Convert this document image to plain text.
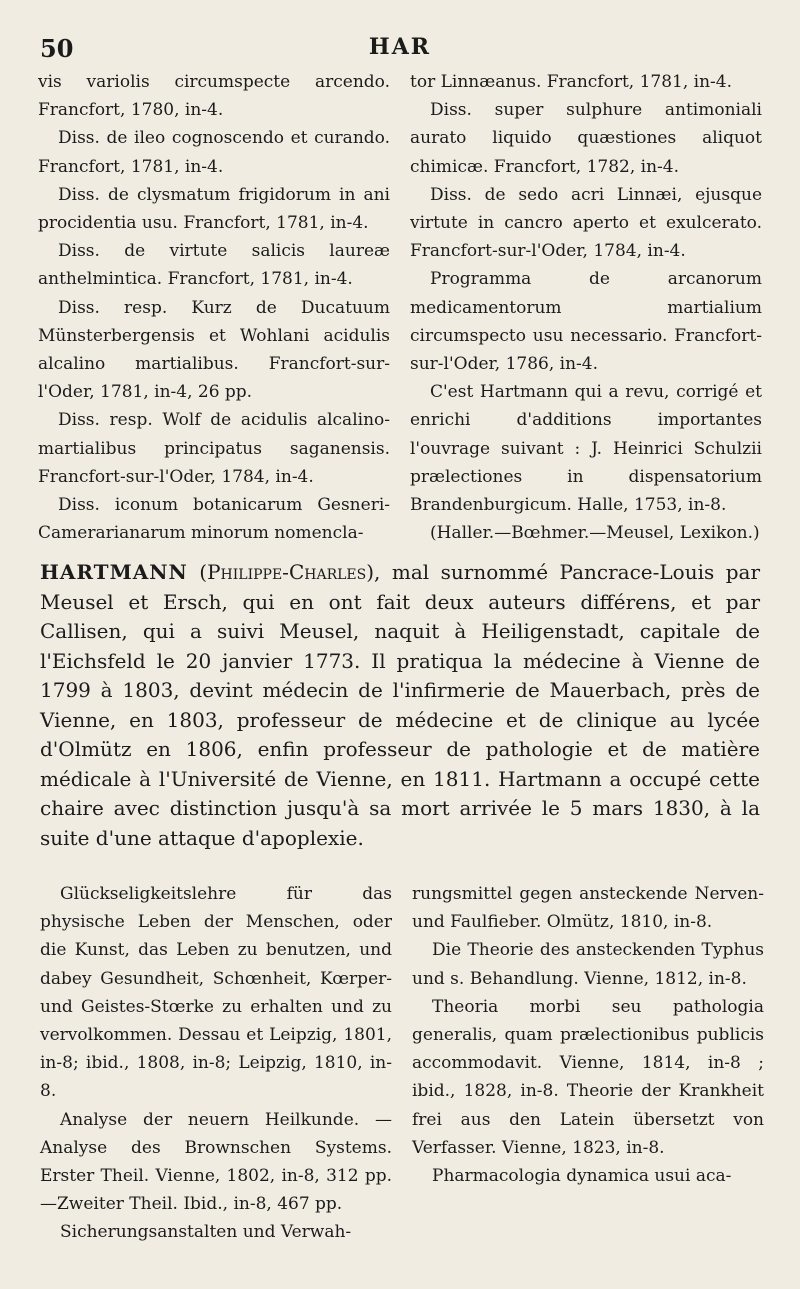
50	HAR

vis variolis circumspecte arcendo. Francfort, 1780, in-4.

Diss. de ileo cognoscendo et curando. Francfort, 1781, in-4.

Diss. de clysmatum frigidorum in ani procidentia usu. Francfort, 1781, in-4.

Diss. de virtute salicis laureæ anthelmintica. Francfort, 1781, in-4.

Diss. resp. Kurz de Ducatuum Münsterbergensis et Wohlani acidulis alcalino martialibus. Francfort-sur-l'Oder, 1781, in-4, 26 pp.

Diss. resp. Wolf de acidulis alcalino-martialibus principatus saganensis. Francfort-sur-l'Oder, 1784, in-4.

Diss. iconum botanicarum Gesneri-Camerarianarum minorum nomencla-

tor Linnæanus. Francfort, 1781, in-4.

Diss. super sulphure antimoniali aurato liquido quæstiones aliquot chimicæ. Francfort, 1782, in-4.

Diss. de sedo acri Linnæi, ejusque virtute in cancro aperto et exulcerato. Francfort-sur-l'Oder, 1784, in-4.

Programma de arcanorum medicamentorum martialium circumspecto usu necessario. Francfort-sur-l'Oder, 1786, in-4.

C'est Hartmann qui a revu, corrigé et enrichi d'additions importantes l'ouvrage suivant : J. Heinrici Schulzii prælectiones in dispensatorium Brandenburgicum. Halle, 1753, in-8.

(Haller.—Bœhmer.—Meusel, Lexikon.)

HARTMANN (Philippe-Charles), mal surnommé Pancrace-Louis par Meusel et Ersch, qui en ont fait deux auteurs différens, et par Callisen, qui a suivi Meusel, naquit à Heiligenstadt, capitale de l'Eichsfeld le 20 janvier 1773. Il pratiqua la médecine à Vienne de 1799 à 1803, devint médecin de l'infirmerie de Mauerbach, près de Vienne, en 1803, professeur de médecine et de clinique au lycée d'Olmütz en 1806, enfin professeur de pathologie et de matière médicale à l'Université de Vienne, en 1811. Hartmann a occupé cette chaire avec distinction jusqu'à sa mort arrivée le 5 mars 1830, à la suite d'une attaque d'apoplexie.

Glückseligkeitslehre für das physische Leben der Menschen, oder die Kunst, das Leben zu benutzen, und dabey Gesundheit, Schœnheit, Kœrper- und Geistes-Stœrke zu erhalten und zu vervolkommen. Dessau et Leipzig, 1801, in-8; ibid., 1808, in-8; Leipzig, 1810, in-8.

Analyse der neuern Heilkunde. — Analyse des Brownschen Systems. Erster Theil. Vienne, 1802, in-8, 312 pp.—Zweiter Theil. Ibid., in-8, 467 pp.

Sicherungsanstalten und Verwah-

rungsmittel gegen ansteckende Nerven- und Faulfieber. Olmütz, 1810, in-8.

Die Theorie des ansteckenden Typhus und s. Behandlung. Vienne, 1812, in-8.

Theoria morbi seu pathologia generalis, quam prælectionibus publicis accommodavit. Vienne, 1814, in-8 ; ibid., 1828, in-8. Theorie der Krankheit frei aus den Latein übersetzt von Verfasser. Vienne, 1823, in-8.

Pharmacologia dynamica usui aca-
